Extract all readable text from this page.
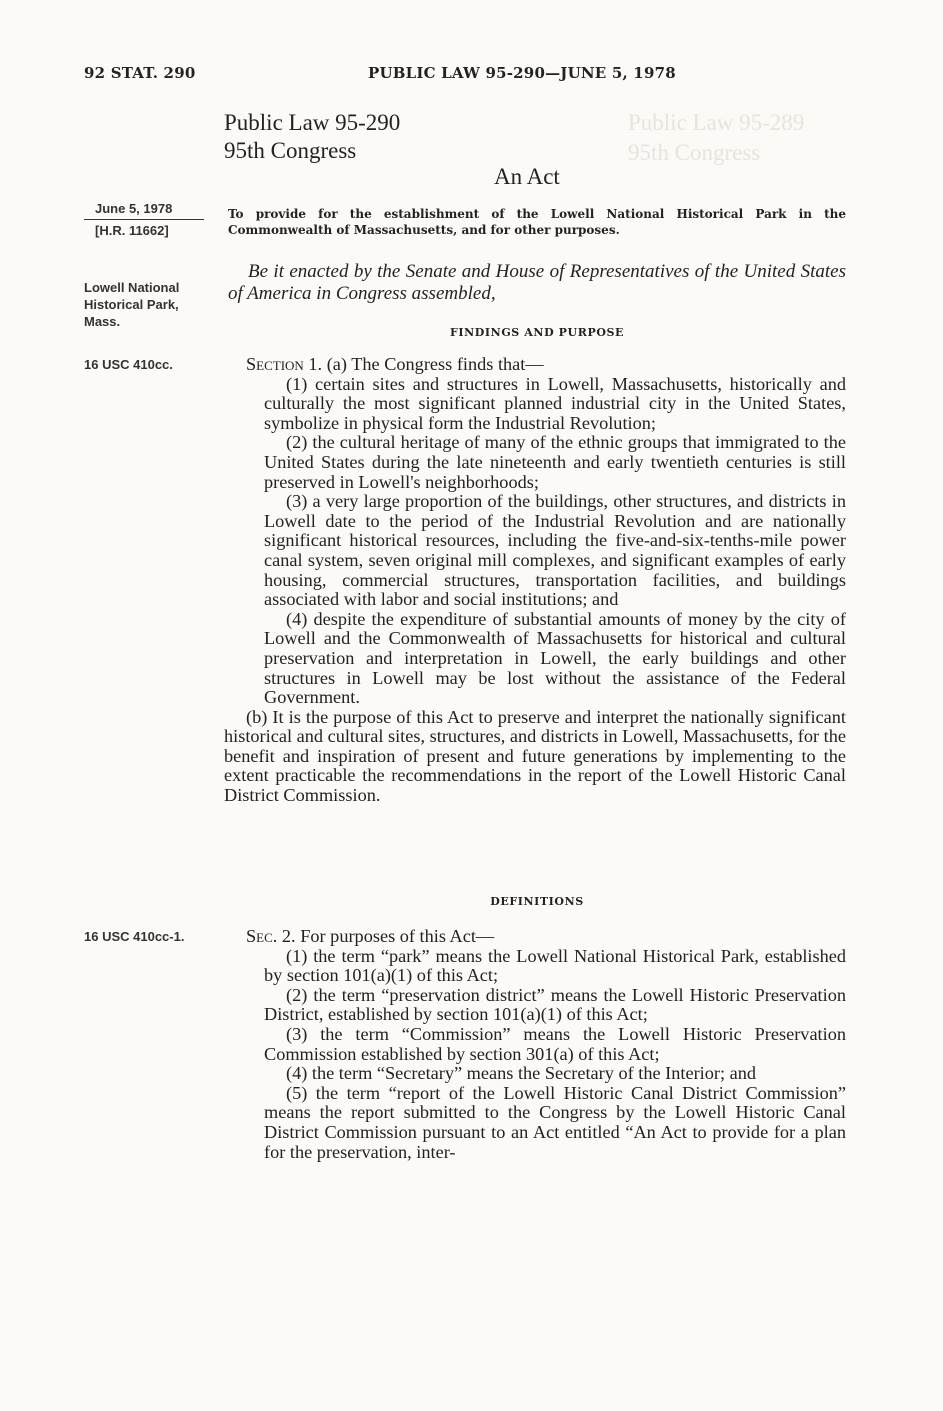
Public Law 95-289
95th Congress
92 STAT. 290	PUBLIC LAW 95-290—JUNE 5, 1978
Public Law 95-290
95th Congress
An Act
June 5, 1978
[H.R. 11662]
To provide for the establishment of the Lowell National Historical Park in the Commonwealth of Massachusetts, and for other purposes.
Lowell National
Historical Park,
Mass.
Be it enacted by the Senate and House of Representatives of the United States of America in Congress assembled,
FINDINGS AND PURPOSE
16 USC 410cc.	Section 1. (a) The Congress finds that—

(1) certain sites and structures in Lowell, Massachusetts, historically and culturally the most significant planned industrial city in the United States, symbolize in physical form the Industrial Revolution;

(2) the cultural heritage of many of the ethnic groups that immigrated to the United States during the late nineteenth and early twentieth centuries is still preserved in Lowell's neighborhoods;

(3) a very large proportion of the buildings, other structures, and districts in Lowell date to the period of the Industrial Revolution and are nationally significant historical resources, including the five-and-six-tenths-mile power canal system, seven original mill complexes, and significant examples of early housing, commercial structures, transportation facilities, and buildings associated with labor and social institutions; and

(4) despite the expenditure of substantial amounts of money by the city of Lowell and the Commonwealth of Massachusetts for historical and cultural preservation and interpretation in Lowell, the early buildings and other structures in Lowell may be lost without the assistance of the Federal Government.

(b) It is the purpose of this Act to preserve and interpret the nationally significant historical and cultural sites, structures, and districts in Lowell, Massachusetts, for the benefit and inspiration of present and future generations by implementing to the extent practicable the recommendations in the report of the Lowell Historic Canal District Commission.

DEFINITIONS
16 USC 410cc-1.	Sec. 2. For purposes of this Act—

(1) the term “park” means the Lowell National Historical Park, established by section 101(a)(1) of this Act;

(2) the term “preservation district” means the Lowell Historic Preservation District, established by section 101(a)(1) of this Act;

(3) the term “Commission” means the Lowell Historic Preservation Commission established by section 301(a) of this Act;

(4) the term “Secretary” means the Secretary of the Interior; and

(5) the term “report of the Lowell Historic Canal District Commission” means the report submitted to the Congress by the Lowell Historic Canal District Commission pursuant to an Act entitled “An Act to provide for a plan for the preservation, inter-
